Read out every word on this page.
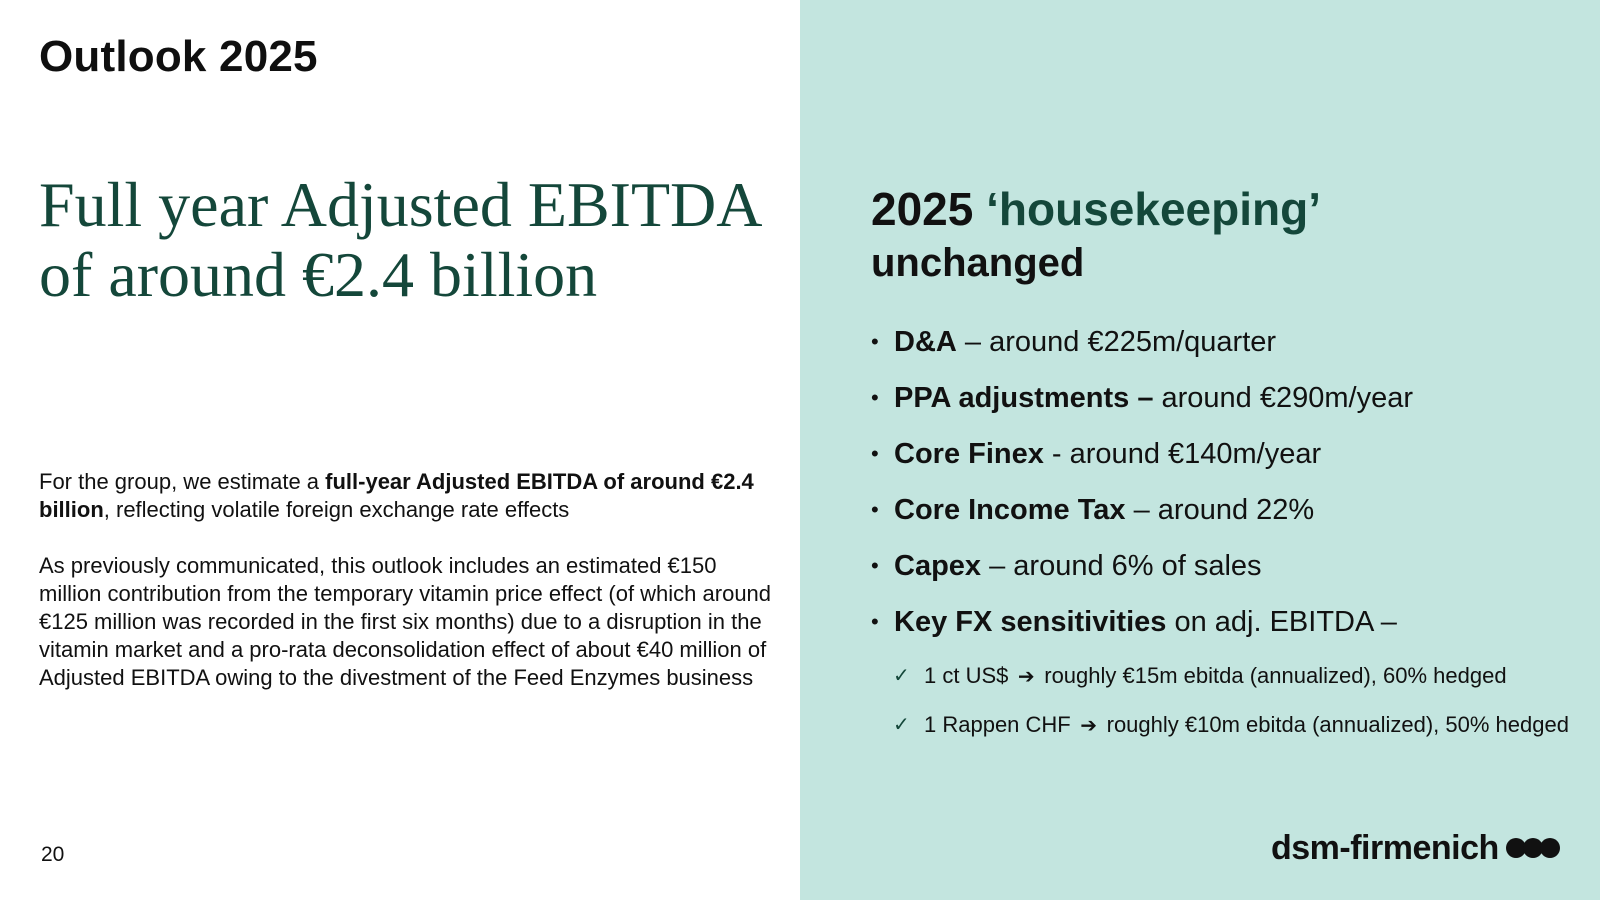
Outlook 2025
Full year Adjusted EBITDA
of around €2.4 billion

For the group, we estimate a full-year Adjusted EBITDA of around €2.4 billion, reflecting volatile foreign exchange rate effects

As previously communicated, this outlook includes an estimated €150 million contribution from the temporary vitamin price effect (of which around €125 million was recorded in the first six months) due to a disruption in the vitamin market and a pro-rata deconsolidation effect of about €40 million of Adjusted EBITDA owing to the divestment of the Feed Enzymes business

20
2025 ‘housekeeping’
unchanged
• D&A – around €225m/quarter
• PPA adjustments – around €290m/year
• Core Finex - around €140m/year
• Core Income Tax – around 22%
• Capex – around 6% of sales
• Key FX sensitivities on adj. EBITDA –
✓ 1 ct US$ ➔ roughly €15m ebitda (annualized), 60% hedged
✓ 1 Rappen CHF ➔ roughly €10m ebitda (annualized), 50% hedged
dsm-firmenich
